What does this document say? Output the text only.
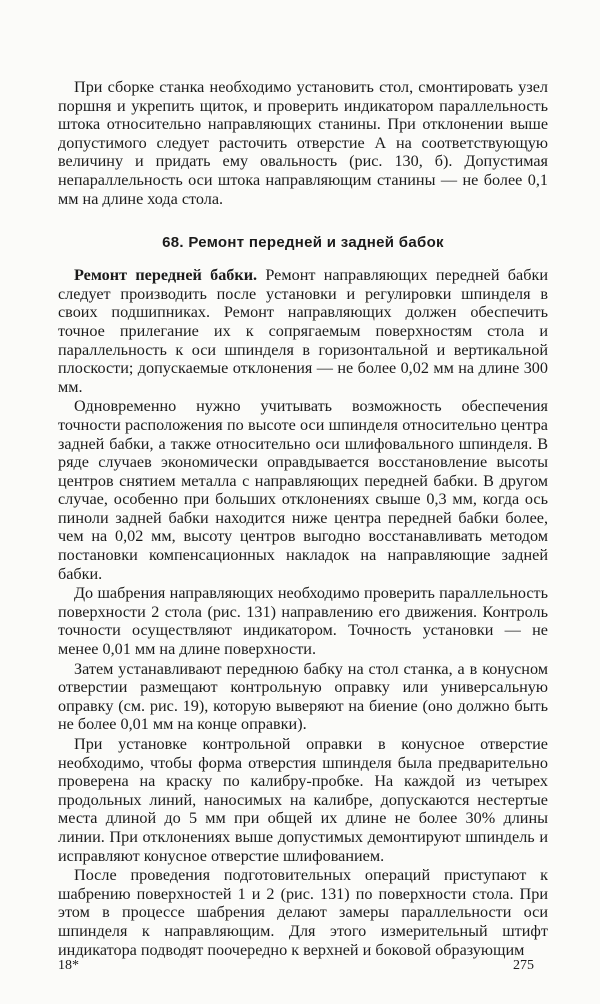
При сборке станка необходимо установить стол, смонтировать узел поршня и укрепить щиток, и проверить индикатором параллельность штока относительно направляющих станины. При отклонении выше допустимого следует расточить отверстие А на соответствующую величину и придать ему овальность (рис. 130, б). Допустимая непараллельность оси штока направляющим станины — не более 0,1 мм на длине хода стола.

68. Ремонт передней и задней бабок

Ремонт передней бабки. Ремонт направляющих передней бабки следует производить после установки и регулировки шпинделя в своих подшипниках. Ремонт направляющих должен обеспечить точное прилегание их к сопрягаемым поверхностям стола и параллельность к оси шпинделя в горизонтальной и вертикальной плоскости; допускаемые отклонения — не более 0,02 мм на длине 300 мм.

Одновременно нужно учитывать возможность обеспечения точности расположения по высоте оси шпинделя относительно центра задней бабки, а также относительно оси шлифовального шпинделя. В ряде случаев экономически оправдывается восстановление высоты центров снятием металла с направляющих передней бабки. В другом случае, особенно при больших отклонениях свыше 0,3 мм, когда ось пиноли задней бабки находится ниже центра передней бабки более, чем на 0,02 мм, высоту центров выгодно восстанавливать методом постановки компенсационных накладок на направляющие задней бабки.

До шабрения направляющих необходимо проверить параллельность поверхности 2 стола (рис. 131) направлению его движения. Контроль точности осуществляют индикатором. Точность установки — не менее 0,01 мм на длине поверхности.

Затем устанавливают переднюю бабку на стол станка, а в конусном отверстии размещают контрольную оправку или универсальную оправку (см. рис. 19), которую выверяют на биение (оно должно быть не более 0,01 мм на конце оправки).

При установке контрольной оправки в конусное отверстие необходимо, чтобы форма отверстия шпинделя была предварительно проверена на краску по калибру-пробке. На каждой из четырех продольных линий, наносимых на калибре, допускаются нестертые места длиной до 5 мм при общей их длине не более 30% длины линии. При отклонениях выше допустимых демонтируют шпиндель и исправляют конусное отверстие шлифованием.

После проведения подготовительных операций приступают к шабрению поверхностей 1 и 2 (рис. 131) по поверхности стола. При этом в процессе шабрения делают замеры параллельности оси шпинделя к направляющим. Для этого измерительный штифт индикатора подводят поочередно к верхней и боковой образующим

18*	275
